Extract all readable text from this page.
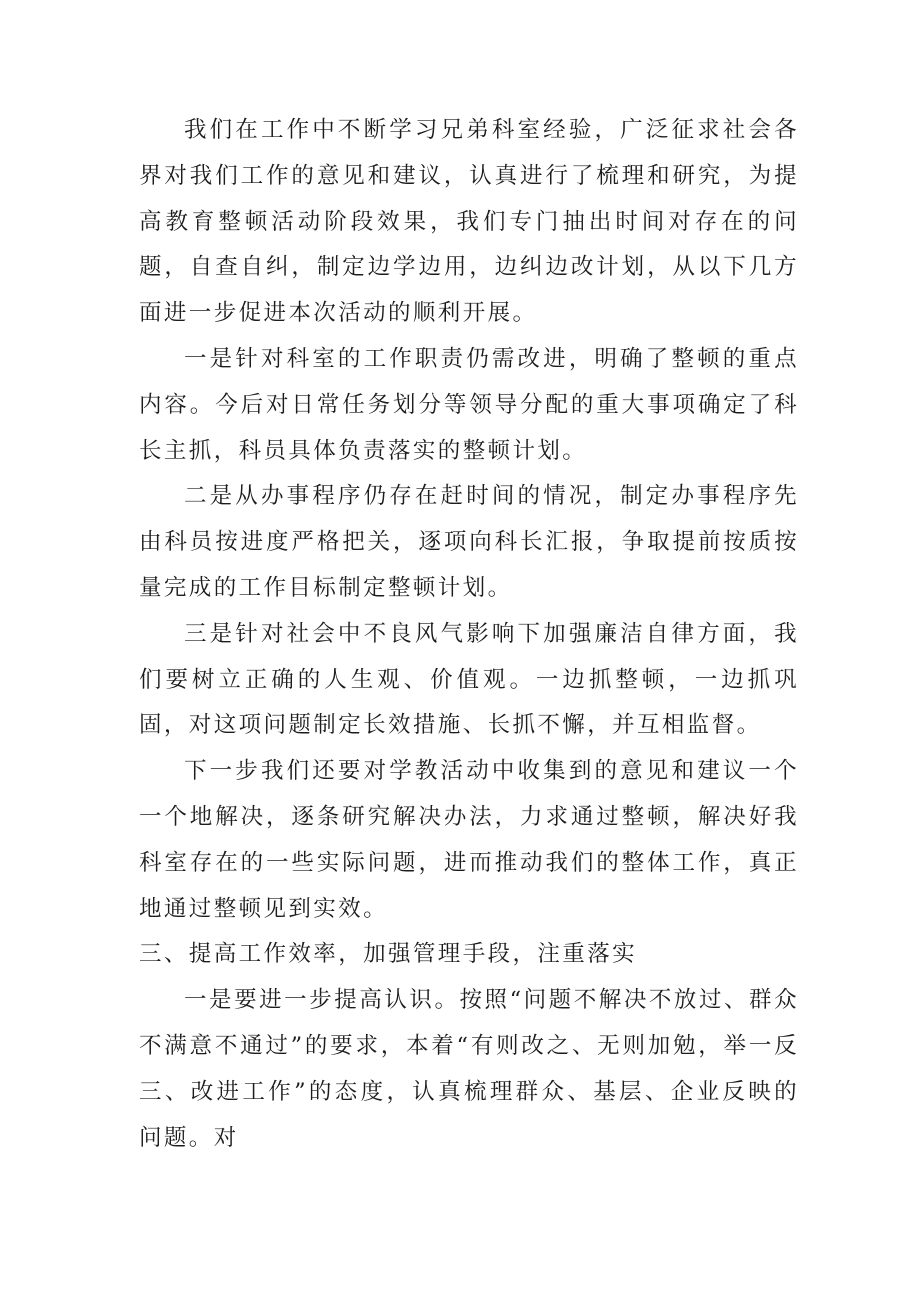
我们在工作中不断学习兄弟科室经验，广泛征求社会各界对我们工作的意见和建议，认真进行了梳理和研究，为提高教育整顿活动阶段效果，我们专门抽出时间对存在的问题，自查自纠，制定边学边用，边纠边改计划，从以下几方面进一步促进本次活动的顺利开展。

一是针对科室的工作职责仍需改进，明确了整顿的重点内容。今后对日常任务划分等领导分配的重大事项确定了科长主抓，科员具体负责落实的整顿计划。

二是从办事程序仍存在赶时间的情况，制定办事程序先由科员按进度严格把关，逐项向科长汇报，争取提前按质按量完成的工作目标制定整顿计划。

三是针对社会中不良风气影响下加强廉洁自律方面，我们要树立正确的人生观、价值观。一边抓整顿，一边抓巩固，对这项问题制定长效措施、长抓不懈，并互相监督。

下一步我们还要对学教活动中收集到的意见和建议一个一个地解决，逐条研究解决办法，力求通过整顿，解决好我科室存在的一些实际问题，进而推动我们的整体工作，真正地通过整顿见到实效。

三、提高工作效率，加强管理手段，注重落实

一是要进一步提高认识。按照“问题不解决不放过、群众不满意不通过”的要求，本着“有则改之、无则加勉，举一反三、改进工作”的态度，认真梳理群众、基层、企业反映的问题。对
